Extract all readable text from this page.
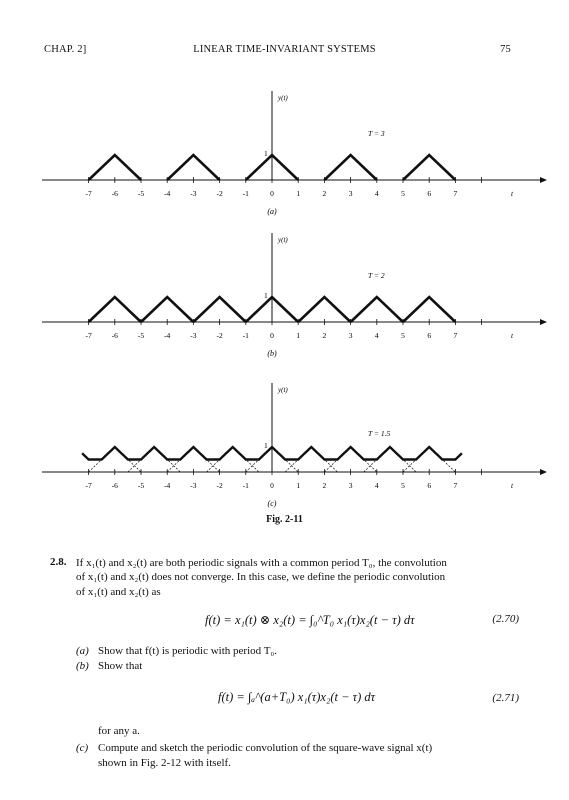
CHAP. 2]	LINEAR TIME-INVARIANT SYSTEMS	75
-7	-6	-5	-4	-3	-2	-1	0	1	2	3	4	5	6	7
y(t)
t
1
T = 3
(a)
-7	-6	-5	-4	-3	-2	-1	0	1	2	3	4	5	6	7
y(t)
t
1
T = 2
(b)
-7	-6	-5	-4	-3	-2	-1	0	1	2	3	4	5	6	7
y(t)
t
1
T = 1.5
(c)
Fig. 2-11
2.8. If x₁(t) and x₂(t) are both periodic signals with a common period T₀, the convolution
of x₁(t) and x₂(t) does not converge. In this case, we define the periodic convolution
of x₁(t) and x₂(t) as
f(t) = x₁(t) ⊗ x₂(t) = ∫₀^T₀ x₁(τ)x₂(t − τ) dτ	(2.70)
(a) Show that f(t) is periodic with period T₀.
(b) Show that
f(t) = ∫ₐ^(a+T₀) x₁(τ)x₂(t − τ) dτ	(2.71)
for any a.
(c) Compute and sketch the periodic convolution of the square-wave signal x(t)
shown in Fig. 2-12 with itself.
